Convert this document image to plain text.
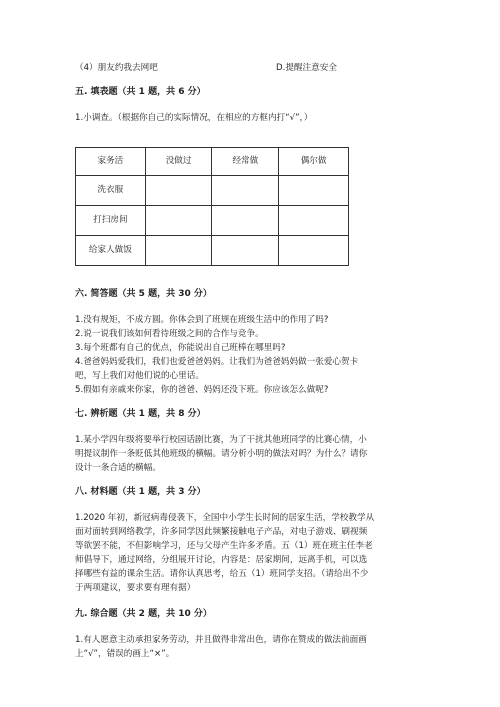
（4）朋友约我去网吧	D.提醒注意安全
五. 填表题（共 1 题，共 6 分）
1.小调查。（根据你自己的实际情况，在相应的方框内打“√”，）
家务活	没做过	经常做	偶尔做
洗衣服			
打扫房间			
给家人做饭			
六. 简答题（共 5 题，共 30 分）
1.没有规矩，不成方圆。你体会到了班规在班级生活中的作用了吗?
2.说一说我们该如何看待班级之间的合作与竞争。
3.每个班都有自己的优点，你能说出自己班棒在哪里吗?
4.爸爸妈妈爱我们，我们也爱爸爸妈妈。让我们为爸爸妈妈做一张爱心贺卡
吧，写上我们对他们说的心里话。
5.假如有亲戚来你家，你的爸爸、妈妈还没下班。你应该怎么做呢?
七. 辨析题（共 1 题，共 8 分）
1.某小学四年级将要举行校园话剧比赛，为了干扰其他班同学的比赛心情，小
明提议制作一条贬低其他班级的横幅。请分析小明的做法对吗？为什么？请你
设计一条合适的横幅。
八. 材料题（共 1 题，共 3 分）
1.2020 年初，新冠病毒侵袭下，全国中小学生长时间的居家生活，学校教学从
面对面转到网络教学，许多同学因此频繁接触电子产品，对电子游戏、刷视频
等欲罢不能，不但影响学习，还与父母产生许多矛盾。五（1）班在班主任李老
师倡导下，通过网络，分组展开讨论，内容是：居家期间，远离手机，可以选
择哪些有益的课余生活。请你认真思考，给五（1）班同学支招。（请给出不少
于两项建议，要求要有理有据）
九. 综合题（共 2 题，共 10 分）
1.有人愿意主动承担家务劳动，并且做得非常出色，请你在赞成的做法前面画
上“√”，错误的画上“×”。
